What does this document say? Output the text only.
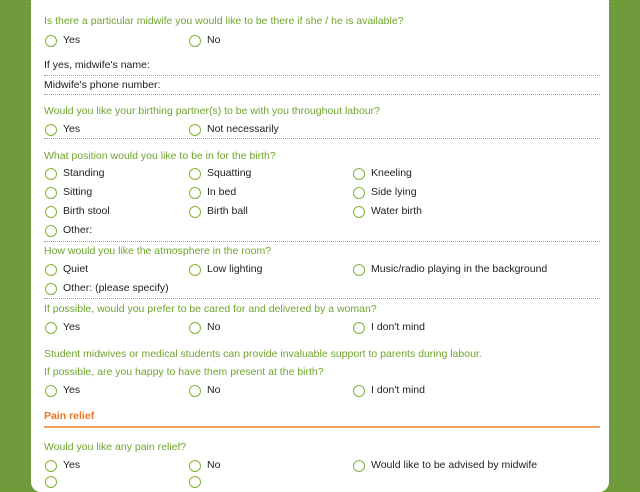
Is there a particular midwife you would like to be there if she / he is available?
Yes	No
If yes, midwife's name:
Midwife's phone number:
Would you like your birthing partner(s) to be with you throughout labour?
Yes	Not necessarily
What position would you like to be in for the birth?
Standing	Squatting	Kneeling
Sitting	In bed	Side lying
Birth stool	Birth ball	Water birth
Other:
How would you like the atmosphere in the room?
Quiet	Low lighting	Music/radio playing in the background
Other: (please specify)
If possible, would you prefer to be cared for and delivered by a woman?
Yes	No	I don't mind
Student midwives or medical students can provide invaluable support to parents during labour.
If possible, are you happy to have them present at the birth?
Yes	No	I don't mind
Pain relief
Would you like any pain relief?
Yes	No	Would like to be advised by midwife
